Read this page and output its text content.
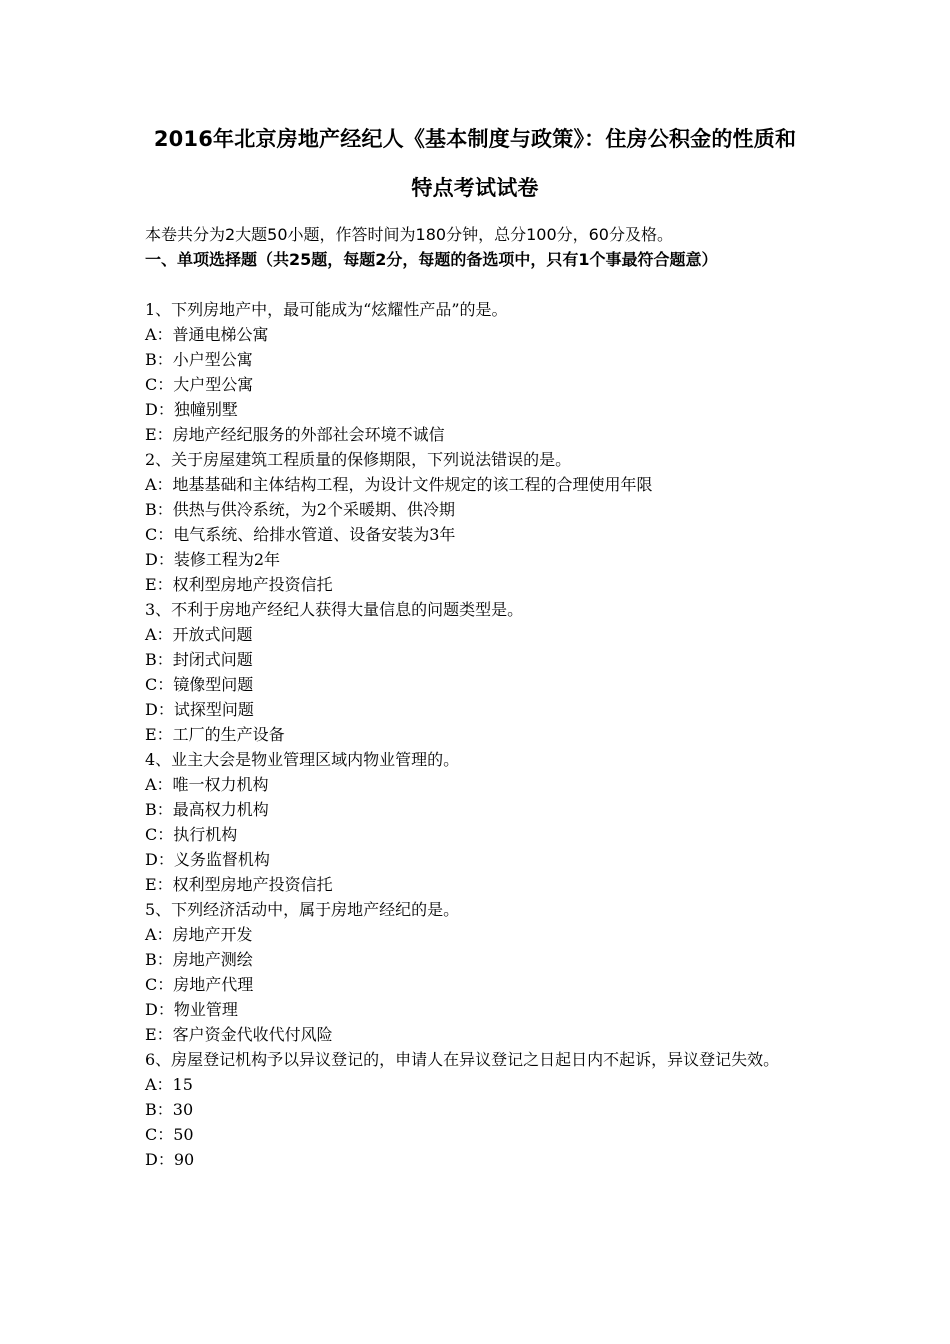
2016年北京房地产经纪人《基本制度与政策》：住房公积金的性质和
特点考试试卷

本卷共分为2大题50小题，作答时间为180分钟，总分100分，60分及格。

一、单项选择题（共25题，每题2分，每题的备选项中，只有1个事最符合题意）

1、下列房地产中，最可能成为“炫耀性产品”的是。

A：普通电梯公寓

B：小户型公寓

C：大户型公寓

D：独幢别墅

E：房地产经纪服务的外部社会环境不诚信

2、关于房屋建筑工程质量的保修期限，下列说法错误的是。

A：地基基础和主体结构工程，为设计文件规定的该工程的合理使用年限

B：供热与供冷系统，为2个采暖期、供冷期

C：电气系统、给排水管道、设备安装为3年

D：装修工程为2年

E：权利型房地产投资信托

3、不利于房地产经纪人获得大量信息的问题类型是。

A：开放式问题

B：封闭式问题

C：镜像型问题

D：试探型问题

E：工厂的生产设备

4、业主大会是物业管理区域内物业管理的。

A：唯一权力机构

B：最高权力机构

C：执行机构

D：义务监督机构

E：权利型房地产投资信托

5、下列经济活动中，属于房地产经纪的是。

A：房地产开发

B：房地产测绘

C：房地产代理

D：物业管理

E：客户资金代收代付风险

6、房屋登记机构予以异议登记的，申请人在异议登记之日起日内不起诉，异议登记失效。

A：15

B：30

C：50

D：90
